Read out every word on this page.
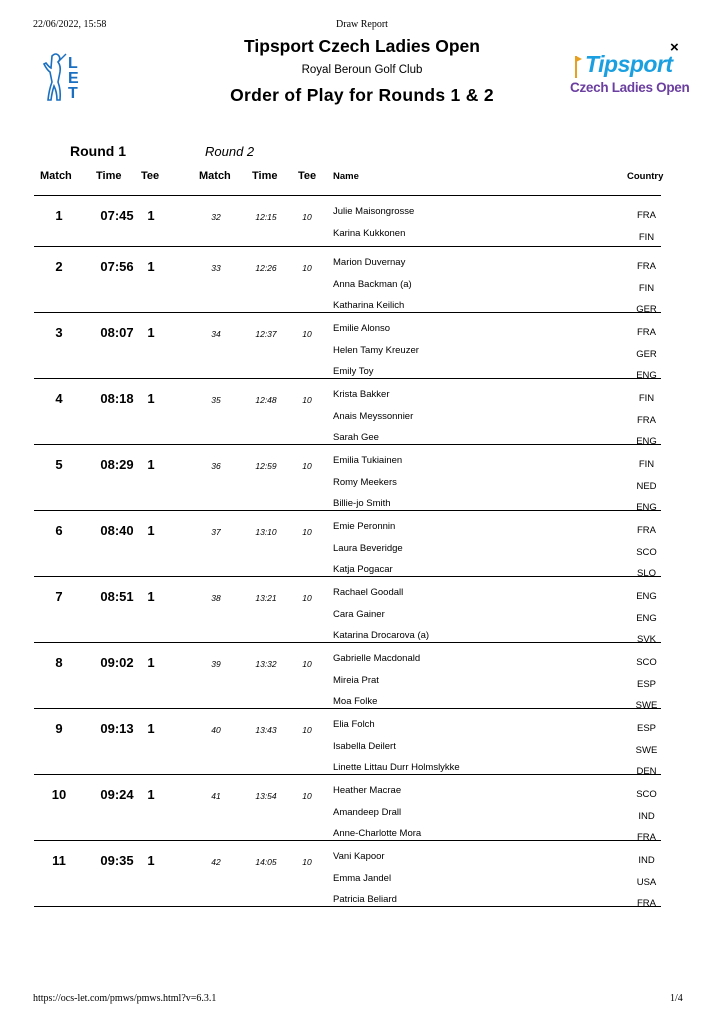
22/06/2022, 15:58	Draw Report
LET
×
Tipsport
Czech Ladies Open
Tipsport Czech Ladies Open
Royal Beroun Golf Club
Order of Play for Rounds 1 & 2
Round 1	Round 2
Match Time Tee	Match Time Tee Name	Country
1	07:45	1	32	12:15	10	Julie Maisongrosse	FRA
Karina Kukkonen	FIN
2	07:56	1	33	12:26	10	Marion Duvernay	FRA
Anna Backman (a)	FIN
Katharina Keilich	GER
3	08:07	1	34	12:37	10	Emilie Alonso	FRA
Helen Tamy Kreuzer	GER
Emily Toy	ENG
4	08:18	1	35	12:48	10	Krista Bakker	FIN
Anais Meyssonnier	FRA
Sarah Gee	ENG
5	08:29	1	36	12:59	10	Emilia Tukiainen	FIN
Romy Meekers	NED
Billie-jo Smith	ENG
6	08:40	1	37	13:10	10	Emie Peronnin	FRA
Laura Beveridge	SCO
Katja Pogacar	SLO
7	08:51	1	38	13:21	10	Rachael Goodall	ENG
Cara Gainer	ENG
Katarina Drocarova (a)	SVK
8	09:02	1	39	13:32	10	Gabrielle Macdonald	SCO
Mireia Prat	ESP
Moa Folke	SWE
9	09:13	1	40	13:43	10	Elia Folch	ESP
Isabella Deilert	SWE
Linette Littau Durr Holmslykke	DEN
10	09:24	1	41	13:54	10	Heather Macrae	SCO
Amandeep Drall	IND
Anne-Charlotte Mora	FRA
11	09:35	1	42	14:05	10	Vani Kapoor	IND
Emma Jandel	USA
Patricia Beliard	FRA
https://ocs-let.com/pmws/pmws.html?v=6.3.1	1/4
